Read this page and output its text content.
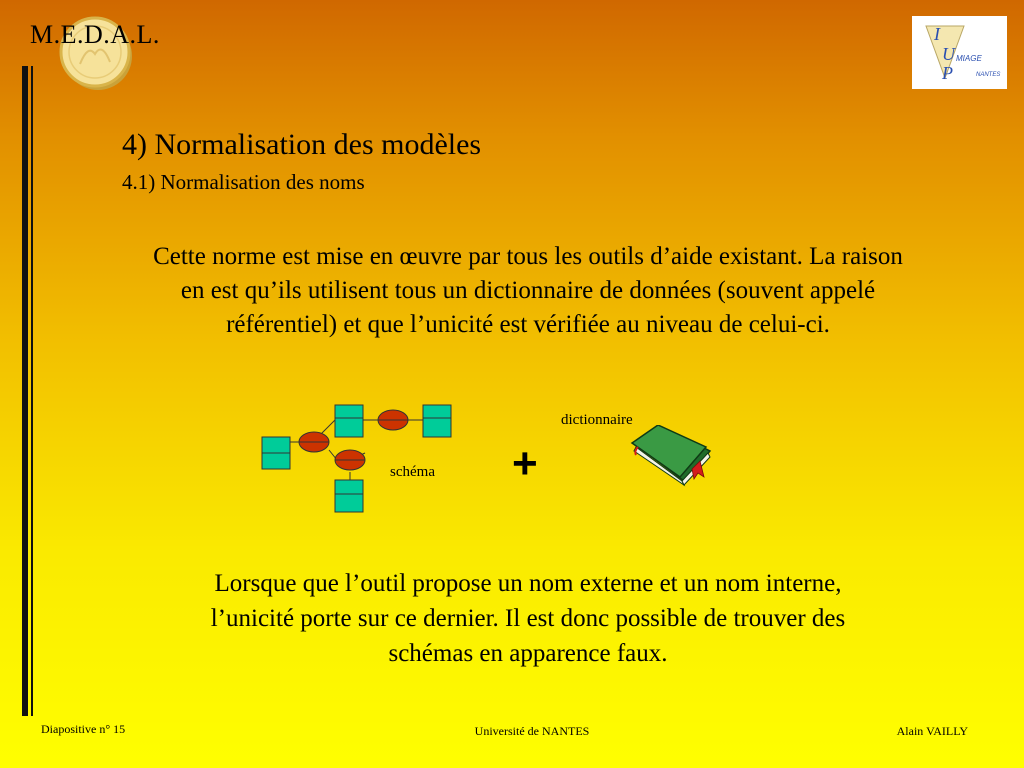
M.E.D.A.L.	I
U
P
MIAGE
NANTES
4) Normalisation des modèles
4.1) Normalisation des noms
Cette norme est mise en œuvre par tous les outils d’aide existant. La raison en est qu’ils utilisent tous un dictionnaire de données (souvent appelé référentiel) et que l’unicité est vérifiée au niveau de celui-ci.
schéma +
dictionnaire
Lorsque que l’outil propose un nom externe et un nom interne, l’unicité porte sur ce dernier. Il est donc possible de trouver des schémas en apparence faux.
Diapositive n° 15	Université de NANTES	Alain VAILLY
